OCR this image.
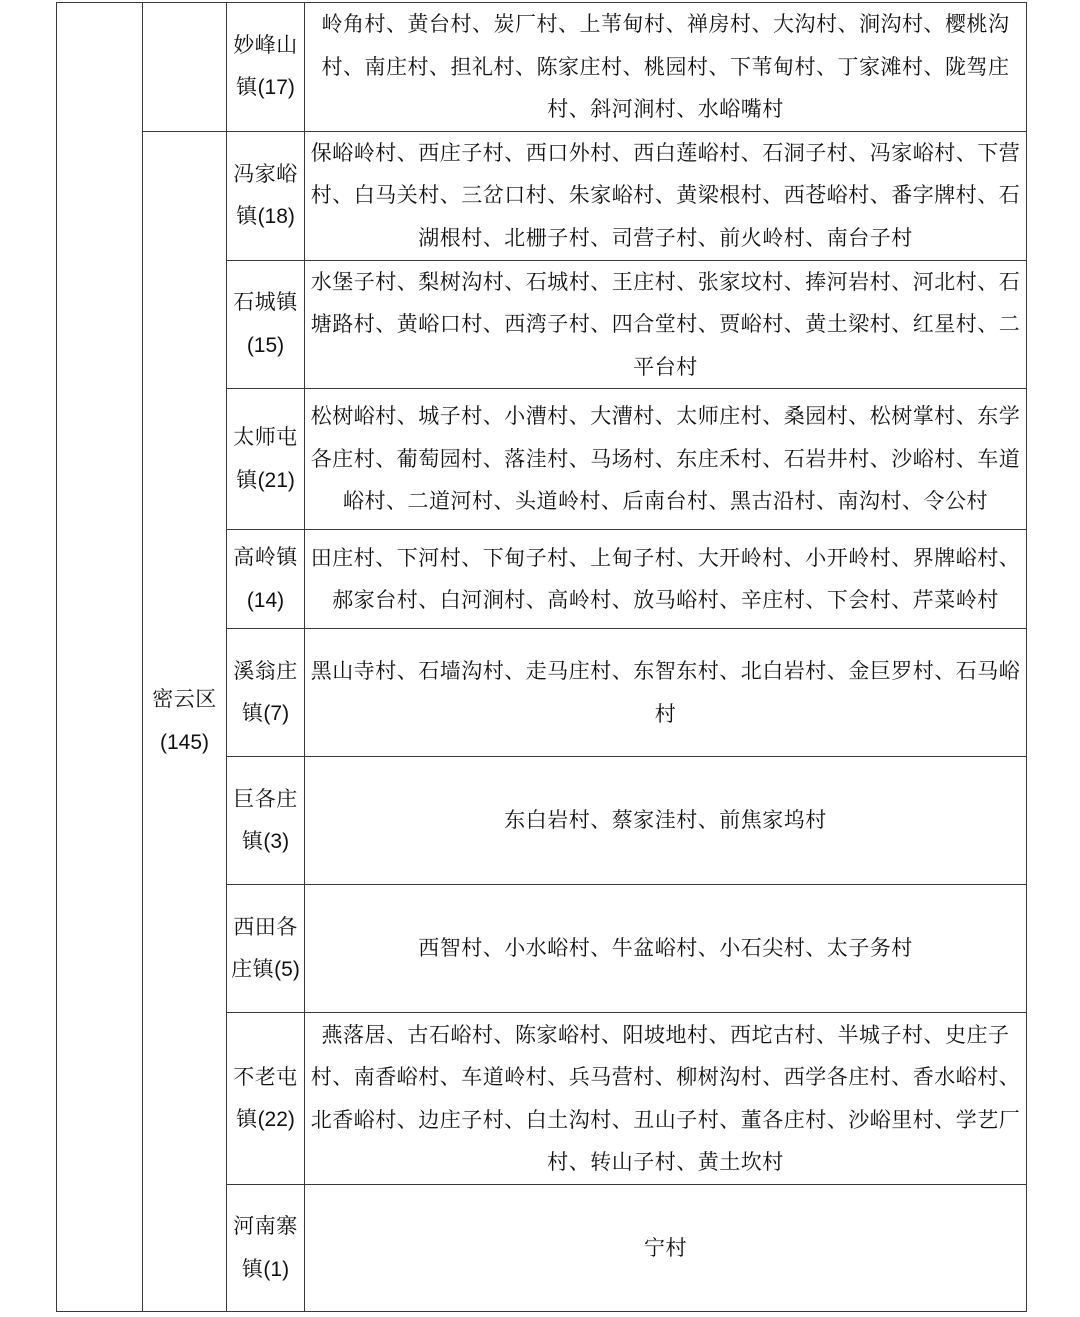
		妙峰山镇(17)	岭角村、黄台村、炭厂村、上苇甸村、禅房村、大沟村、涧沟村、樱桃沟村、南庄村、担礼村、陈家庄村、桃园村、下苇甸村、丁家滩村、陇驾庄村、斜河涧村、水峪嘴村
	密云区(145)	冯家峪镇(18)	保峪岭村、西庄子村、西口外村、西白莲峪村、石洞子村、冯家峪村、下营村、白马关村、三岔口村、朱家峪村、黄梁根村、西苍峪村、番字牌村、石湖根村、北栅子村、司营子村、前火岭村、南台子村
		石城镇(15)	水堡子村、梨树沟村、石城村、王庄村、张家坟村、捧河岩村、河北村、石塘路村、黄峪口村、西湾子村、四合堂村、贾峪村、黄土梁村、红星村、二平台村
		太师屯镇(21)	松树峪村、城子村、小漕村、大漕村、太师庄村、桑园村、松树掌村、东学各庄村、葡萄园村、落洼村、马场村、东庄禾村、石岩井村、沙峪村、车道峪村、二道河村、头道岭村、后南台村、黑古沿村、南沟村、令公村
		高岭镇(14)	田庄村、下河村、下甸子村、上甸子村、大开岭村、小开岭村、界牌峪村、郝家台村、白河涧村、高岭村、放马峪村、辛庄村、下会村、芹菜岭村
		溪翁庄镇(7)	黑山寺村、石墙沟村、走马庄村、东智东村、北白岩村、金巨罗村、石马峪村
		巨各庄镇(3)	东白岩村、蔡家洼村、前焦家坞村
		西田各庄镇(5)	西智村、小水峪村、牛盆峪村、小石尖村、太子务村
		不老屯镇(22)	燕落居、古石峪村、陈家峪村、阳坡地村、西坨古村、半城子村、史庄子村、南香峪村、车道岭村、兵马营村、柳树沟村、西学各庄村、香水峪村、北香峪村、边庄子村、白土沟村、丑山子村、董各庄村、沙峪里村、学艺厂村、转山子村、黄土坎村
		河南寨镇(1)	宁村
